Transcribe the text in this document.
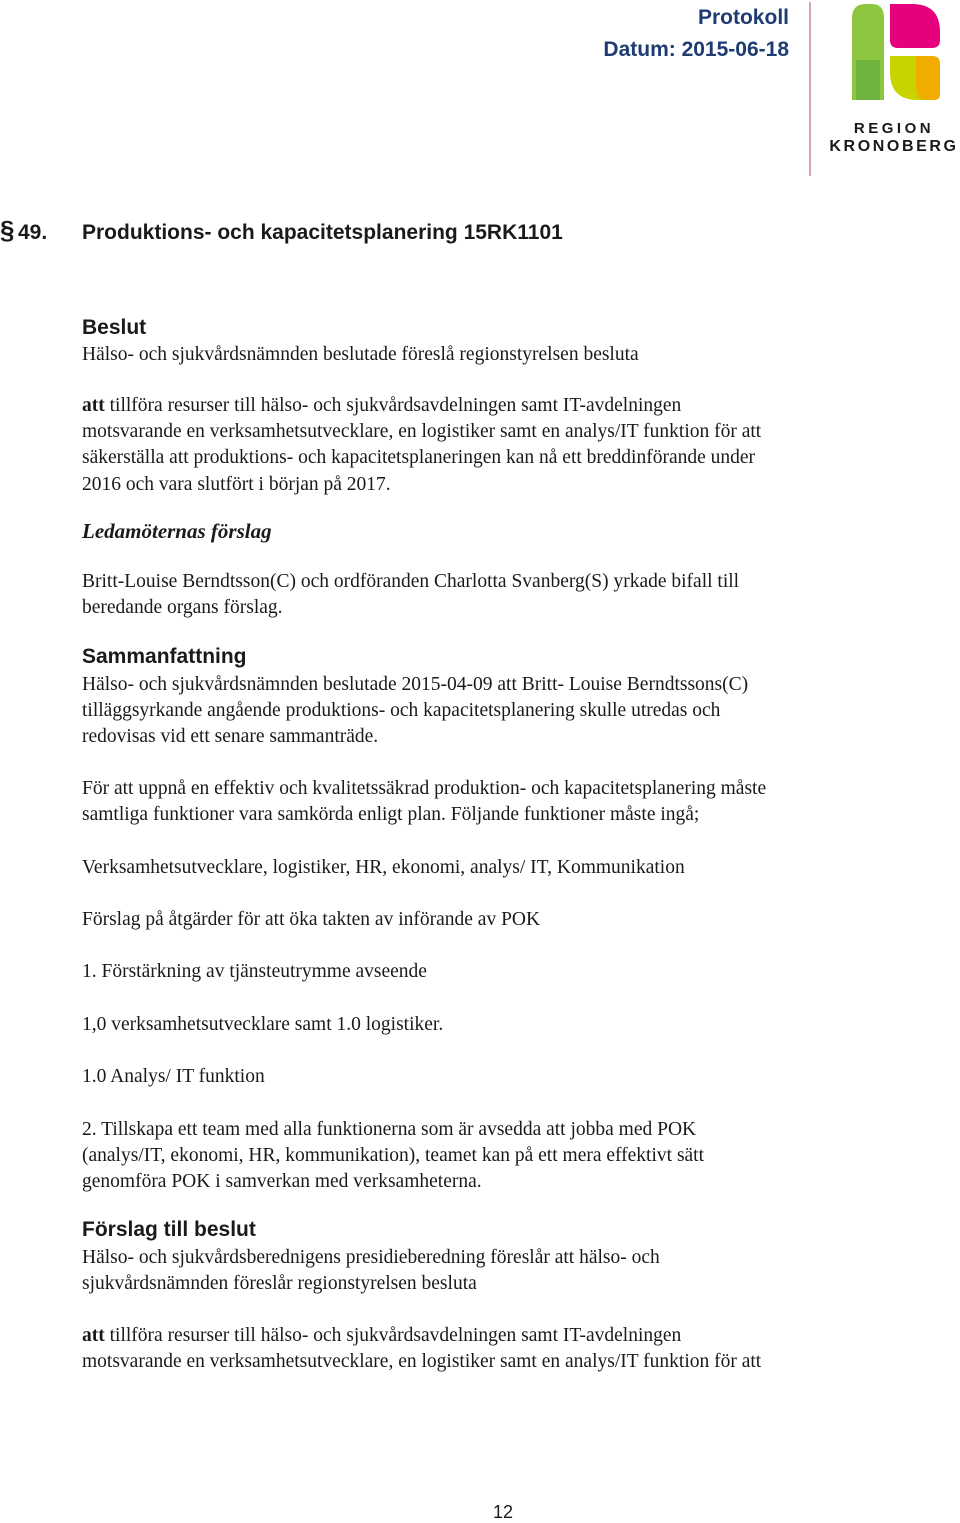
Protokoll
Datum: 2015-06-18
REGION
KRONOBERG
§ 49. Produktions- och kapacitetsplanering 15RK1101
Beslut
Hälso- och sjukvårdsnämnden beslutade föreslå regionstyrelsen besluta
att tillföra resurser till hälso- och sjukvårdsavdelningen samt IT-avdelningen
motsvarande en verksamhetsutvecklare, en logistiker samt en analys/IT funktion för att
säkerställa att produktions- och kapacitetsplaneringen kan nå ett breddinförande under
2016 och vara slutfört i början på 2017.
Ledamöternas förslag
Britt-Louise Berndtsson(C) och ordföranden Charlotta Svanberg(S) yrkade bifall till
beredande organs förslag.
Sammanfattning
Hälso- och sjukvårdsnämnden beslutade 2015-04-09 att Britt- Louise Berndtssons(C)
tilläggsyrkande angående produktions- och kapacitetsplanering skulle utredas och
redovisas vid ett senare sammanträde.
För att uppnå en effektiv och kvalitetssäkrad produktion- och kapacitetsplanering måste
samtliga funktioner vara samkörda enligt plan. Följande funktioner måste ingå;
Verksamhetsutvecklare, logistiker, HR, ekonomi, analys/ IT, Kommunikation
Förslag på åtgärder för att öka takten av införande av POK
1. Förstärkning av tjänsteutrymme avseende
1,0 verksamhetsutvecklare samt 1.0 logistiker.
1.0 Analys/ IT funktion
2. Tillskapa ett team med alla funktionerna som är avsedda att jobba med POK
(analys/IT, ekonomi, HR, kommunikation), teamet kan på ett mera effektivt sätt
genomföra POK i samverkan med verksamheterna.
Förslag till beslut
Hälso- och sjukvårdsberednigens presidieberedning föreslår att hälso- och
sjukvårdsnämnden föreslår regionstyrelsen besluta
att tillföra resurser till hälso- och sjukvårdsavdelningen samt IT-avdelningen
motsvarande en verksamhetsutvecklare, en logistiker samt en analys/IT funktion för att
12
